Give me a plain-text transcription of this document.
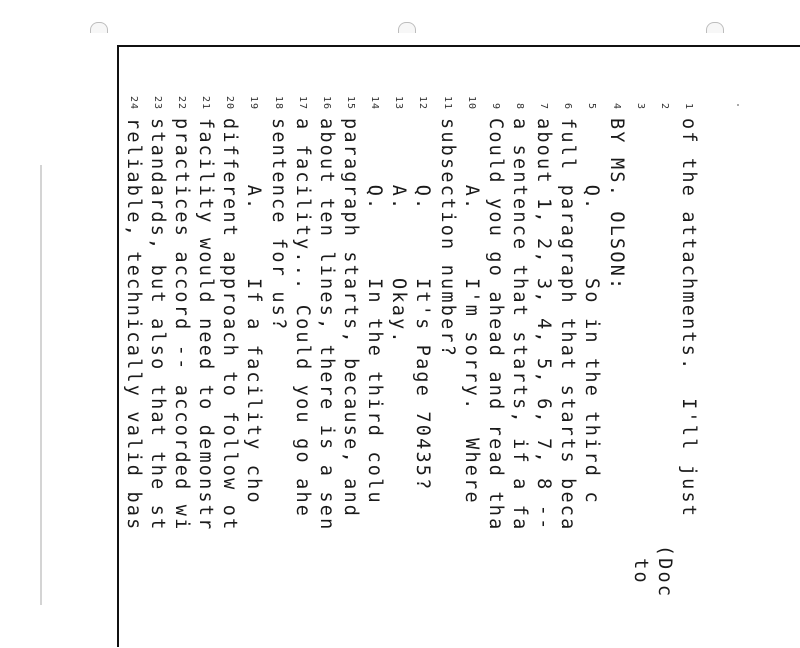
1
of the attachments.  I'll just
2
(Doc
3
to
4
BY MS. OLSON:
5
Q.     So in the third c
6
full paragraph that starts beca
7
about 1, 2, 3, 4, 5, 6, 7, 8 --
8
a sentence that starts, if a fa
9
Could you go ahead and read tha
10
A.     I'm sorry.  Where
11
subsection number?
12
Q.     It's Page 70435?
13
A.     Okay.
14
Q.     In the third colu
15
paragraph starts, because, and
16
about ten lines, there is a sen
17
a facility... Could you go ahe
18
sentence for us?
19
A.     If a facility cho
20
different approach to follow ot
21
facility would need to demonstr
22
practices accord -- accorded wi
23
standards, but also that the st
24
reliable, technically valid bas
